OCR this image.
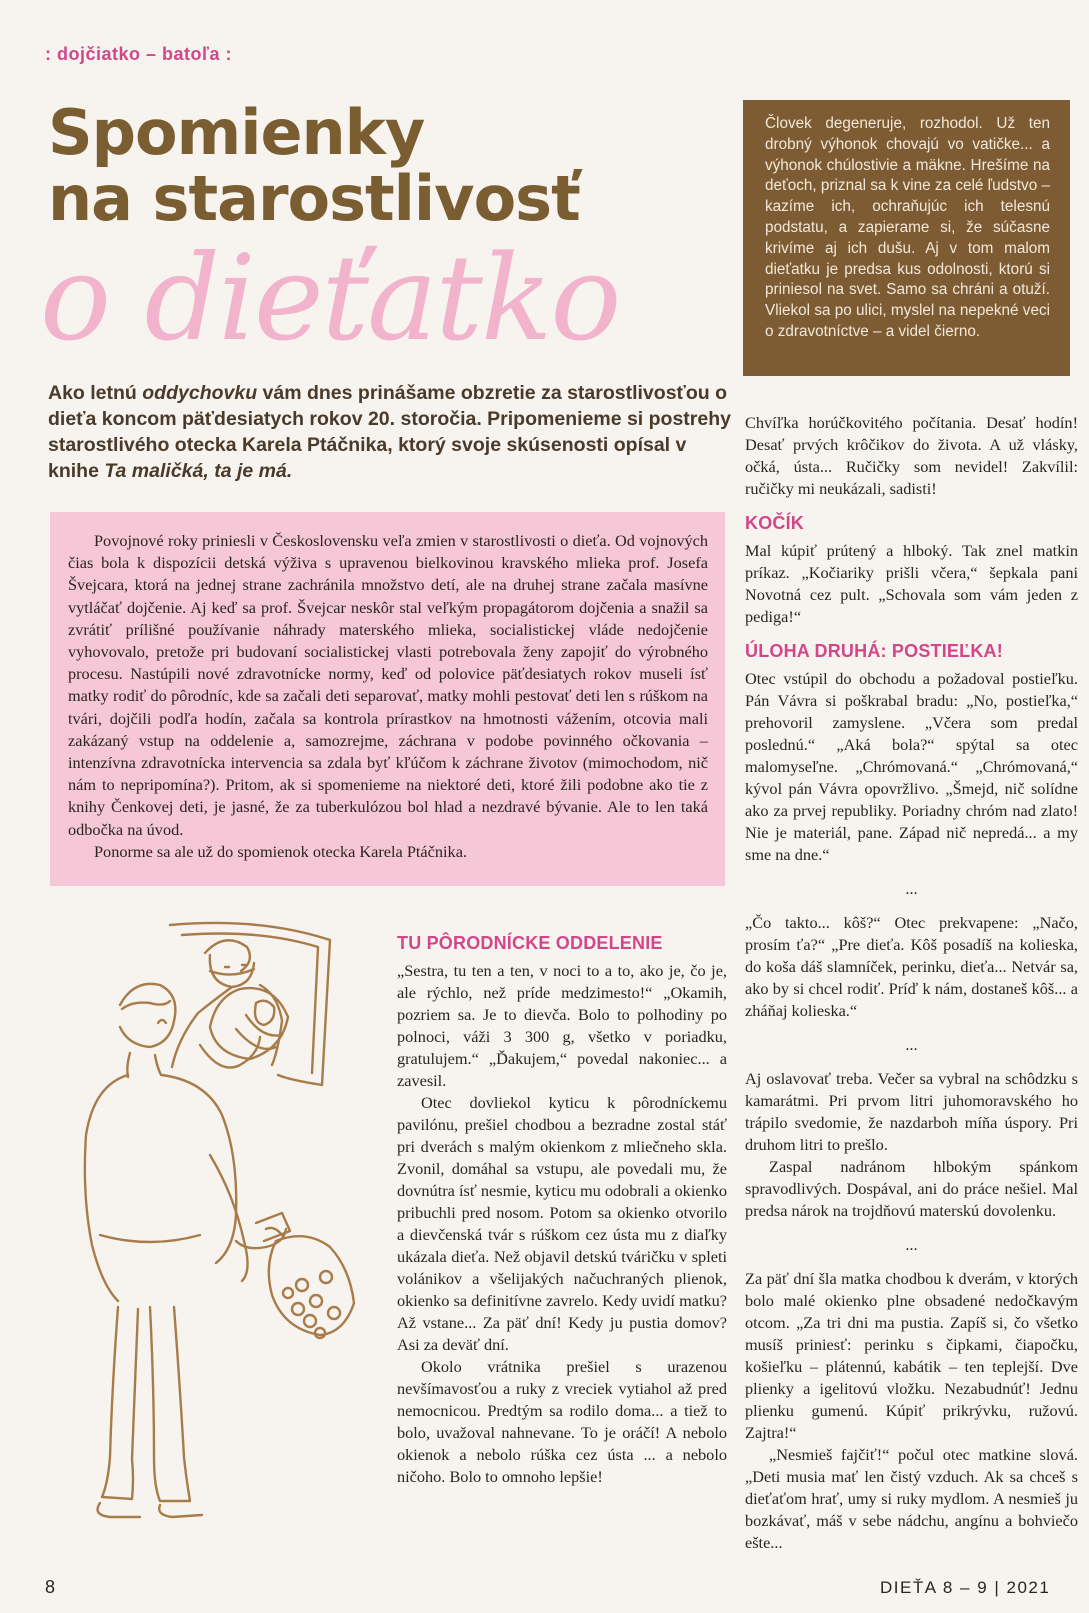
: dojčiatko – batoľa :
Spomienky
na starostlivosť
o dieťatko
Ako letnú oddychovku vám dnes prinášame obzretie za starostlivosťou o dieťa koncom päťdesiatych rokov 20. storočia. Pripomenieme si postrehy starostlivého otecka Karela Ptáčnika, ktorý svoje skúsenosti opísal v knihe Ta maličká, ta je má.

Povojnové roky priniesli v Československu veľa zmien v starostlivosti o dieťa. Od vojnových čias bola k dispozícii detská výživa s upravenou bielkovinou kravského mlieka prof. Josefa Švejcara, ktorá na jednej strane zachránila množstvo detí, ale na druhej strane začala masívne vytláčať dojčenie. Aj keď sa prof. Švejcar neskôr stal veľkým propagátorom dojčenia a snažil sa zvrátiť prílišné používanie náhrady materského mlieka, socialistickej vláde nedojčenie vyhovovalo, pretože pri budovaní socialistickej vlasti potrebovala ženy zapojiť do výrobného procesu. Nastúpili nové zdravotnícke normy, keď od polovice päťdesiatych rokov museli ísť matky rodiť do pôrodníc, kde sa začali deti separovať, matky mohli pestovať deti len s rúškom na tvári, dojčili podľa hodín, začala sa kontrola prírastkov na hmotnosti vážením, otcovia mali zakázaný vstup na oddelenie a, samozrejme, záchrana v podobe povinného očkovania – intenzívna zdravotnícka intervencia sa zdala byť kľúčom k záchrane životov (mimochodom, nič nám to nepripomína?). Pritom, ak si spomenieme na niektoré deti, ktoré žili podobne ako tie z knihy Čenkovej deti, je jasné, že za tuberkulózou bol hlad a nezdravé bývanie. Ale to len taká odbočka na úvod.

Ponorme sa ale už do spomienok otecka Karela Ptáčnika.

Človek degeneruje, rozhodol. Už ten drobný výhonok chovajú vo vatičke... a výhonok chúlostivie a mäkne. Hrešíme na deťoch, priznal sa k vine za celé ľudstvo – kazíme ich, ochraňujúc ich telesnú podstatu, a zapierame si, že súčasne krivíme aj ich dušu. Aj v tom malom dieťatku je predsa kus odolnosti, ktorú si priniesol na svet. Samo sa chráni a otuží. Vliekol sa po ulici, myslel na nepekné veci o zdravotníctve – a videl čierno.

TU PÔRODNÍCKE ODDELENIE

„Sestra, tu ten a ten, v noci to a to, ako je, čo je, ale rýchlo, než príde medzimesto!“ „Okamih, pozriem sa. Je to dievča. Bolo to polhodiny po polnoci, váži 3 300 g, všetko v poriadku, gratulujem.“ „Ďakujem,“ povedal nakoniec... a zavesil.

Otec dovliekol kyticu k pôrodníckemu pavilónu, prešiel chodbou a bezradne zostal stáť pri dverách s malým okienkom z mliečneho skla. Zvonil, domáhal sa vstupu, ale povedali mu, že dovnútra ísť nesmie, kyticu mu odobrali a okienko pribuchli pred nosom. Potom sa okienko otvorilo a dievčenská tvár s rúškom cez ústa mu z diaľky ukázala dieťa. Než objavil detskú tváričku v spleti volánikov a všelijakých načuchraných plienok, okienko sa definitívne zavrelo. Kedy uvidí matku? Až vstane... Za päť dní! Kedy ju pustia domov? Asi za deväť dní.

Okolo vrátnika prešiel s urazenou nevšímavosťou a ruky z vreciek vytiahol až pred nemocnicou. Predtým sa rodilo doma... a tiež to bolo, uvažoval nahnevane. To je oráčí! A nebolo okienok a nebolo rúška cez ústa ... a nebolo ničoho. Bolo to omnoho lepšie!

Chvíľka horúčkovitého počítania. Desať hodín! Desať prvých krôčikov do života. A už vlásky, očká, ústa... Ručičky som nevidel! Zakvílil: ručičky mi neukázali, sadisti!

KOČÍK

Mal kúpiť prútený a hlboký. Tak znel matkin príkaz. „Kočiariky prišli včera,“ šepkala pani Novotná cez pult. „Schovala som vám jeden z pediga!“

ÚLOHA DRUHÁ: POSTIEĽKA!

Otec vstúpil do obchodu a požadoval postieľku. Pán Vávra si poškrabal bradu: „No, postieľka,“ prehovoril zamyslene. „Včera som predal poslednú.“ „Aká bola?“ spýtal sa otec malomyseľne. „Chrómovaná.“ „Chrómovaná,“ kývol pán Vávra opovržlivo. „Šmejd, nič solídne ako za prvej republiky. Poriadny chróm nad zlato! Nie je materiál, pane. Západ nič nepredá... a my sme na dne.“

...

„Čo takto... kôš?“ Otec prekvapene: „Načo, prosím ťa?“ „Pre dieťa. Kôš posadíš na kolieska, do koša dáš slamníček, perinku, dieťa... Netvár sa, ako by si chcel rodiť. Príď k nám, dostaneš kôš... a zháňaj kolieska.“

...

Aj oslavovať treba. Večer sa vybral na schôdzku s kamarátmi. Pri prvom litri juhomoravského ho trápilo svedomie, že nazdarboh míňa úspory. Pri druhom litri to prešlo.

Zaspal nadránom hlbokým spánkom spravodlivých. Dospával, ani do práce nešiel. Mal predsa nárok na trojdňovú materskú dovolenku.

...

Za päť dní šla matka chodbou k dverám, v ktorých bolo malé okienko plne obsadené nedočkavým otcom. „Za tri dni ma pustia. Zapíš si, čo všetko musíš priniesť: perinku s čipkami, čiapočku, košieľku – plátennú, kabátik – ten teplejší. Dve plienky a igelitovú vložku. Nezabudnúť! Jednu plienku gumenú. Kúpiť prikrývku, ružovú. Zajtra!“

„Nesmieš fajčiť!“ počul otec matkine slová. „Deti musia mať len čistý vzduch. Ak sa chceš s dieťaťom hrať, umy si ruky mydlom. A nesmieš ju bozkávať, máš v sebe nádchu, angínu a bohviečo ešte...

8	DIEŤA 8 – 9 | 2021
